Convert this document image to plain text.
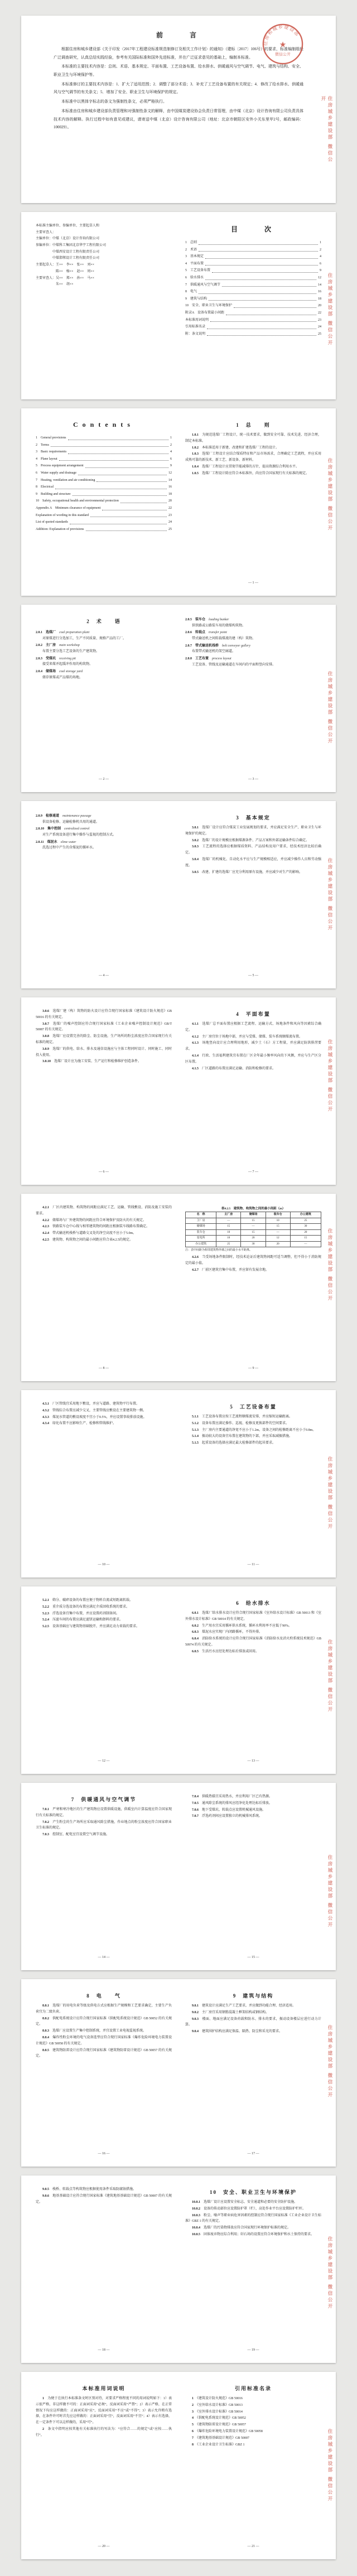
前　　言

根据住房和城乡建设部《关于印发〈2017年工程建设标准规范制修订及相关工作计划〉的通知》（建标〔2017〕106号）的要求，标准编制组经广泛调查研究，认真总结实践经验，参考有关国际标准和国外先进标准，并在广泛征求意见的基础上，编制本标准。

本标准的主要技术内容是：总则、术语、基本规定、平面布置、工艺设备布置、给水排水、供暖通风与空气调节、电气、建筑与结构、安全、职业卫生与环境保护等。

本标准修订的主要技术内容是：1．扩大了适用范围；2．调整了部分术语；3．补充了工艺设备布置的有关规定；4．修改了给水排水、供暖通风与空气调节的有关条文；5．增加了安全、职业卫生与环境保护的规定。

本标准中以黑体字标志的条文为强制性条文，必须严格执行。

本标准由住房和城乡建设部负责管理和对强制性条文的解释，由中国煤炭建设协会负责日常管理，由中煤（北京）设计咨询有限公司负责具体技术内容的解释。执行过程中如有意见或建议，请寄送中煤（北京）设计咨询有限公司（地址：北京市朝阳区安外小关东里甲2号，邮政编码：100029）。	住房城乡建设部 微信公开
住房和城乡建设部
★
微信公开

本标准主编单位、参编单位、主要起草人和

主要审查人：

主编单位：中煤（北京）设计咨询有限公司

参编单位：中煤科工集团北京华宇工程有限公司

　　　　　中煤西安设计工程有限责任公司

　　　　　中煤邯郸设计工程有限责任公司

主要起草人：王××　李××　张××　刘××

　　　　　　陈××　杨××　赵××　周××

主要审查人：吴××　郑××　孙××　马××

　　　　　　朱××　胡××

目　　次
1　总则	1
2　术语	2
3　基本规定	4
4　平面布置	6
5　工艺设备布置	9
6　给水排水	12
7　供暖通风与空气调节	14
8　电气	16
9　建筑与结构	18
10　安全、职业卫生与环境保护	20
附录A　设备布置最小间距	22
本标准用词说明	23
引用标准名录	24
附：条文说明	25 住房城乡建设部 微信公开
Contents
1　General provisions	1
2　Terms	2
3　Basic requirements	4
4　Plane layout	6
5　Process equipment arrangement	9
6　Water supply and drainage	12
7　Heating, ventilation and air conditioning	14
8　Electrical	16
9　Building and structure	18
10　Safety, occupational health and environmental protection	20
Appendix A　Minimum clearance of equipment	22
Explanation of wording in this standard	23
List of quoted standards	24
Addition: Explanation of provisions	25
1　总　　则

1.0.1　为规范选煤厂工程设计，统一技术要求，做到安全可靠、技术先进、经济合理，制定本标准。

1.0.2　本标准适用于新建、改建和扩建选煤厂工程的设计。

1.0.3　选煤厂工程设计应结合煤质特征和产品市场需求，合理确定工艺流程，并应采用成熟可靠的新技术、新工艺、新设备、新材料。

1.0.4　选煤厂工程设计应贯彻节能减排的方针，提高资源综合利用水平。

1.0.5　选煤厂工程设计除应符合本标准外，尚应符合国家现行有关标准的规定。

— 1 —
住房城乡建设部 微信公开
2　术　　语

2.0.1　选煤厂　coal preparation plant

对原煤进行分选加工，生产不同质量、规格产品的工厂。

2.0.2　主厂房　main workshop

布置主要分选工艺设备的生产建筑物。

2.0.3　受煤坑　receiving pit

接受来煤并起缓冲作用的构筑物。

2.0.4　储煤场　coal storage yard

储存原煤或产品煤的场地。

— 2 —

2.0.5　装车仓　loading bunker

供铁路或公路装车用的储煤构筑物。

2.0.6　转载点　transfer point

带式输送机之间转载煤流的建（构）筑物。

2.0.7　带式输送机栈桥　belt conveyor gallery

布置带式输送机的架空廊道。

2.0.8　工艺布置　process layout

工艺设备、管线及运输通道在车间内的平面和竖向安排。

— 3 —
住房城乡建设部 微信公开

2.0.9　检修通道　maintenance passage

供设备检修、运输检修机具用的通道。

2.0.10　集中控制　centralized control

对生产系统设备进行集中操作与监视的控制方式。

2.0.11　煤泥水　slime water

洗选过程中产生的含煤泥的循环水。

— 4 —
3　基本规定

3.0.1　选煤厂设计应符合煤炭工业发展规划的要求，并应满足安全生产、职业卫生与环境保护的规定。

3.0.2　选煤厂的设计规模应根据煤源条件、产品方案和外部运输条件综合确定。

3.0.3　工艺流程的选择应根据煤质资料、产品结构及用户要求，经技术经济比较后确定。

3.0.4　选煤厂的机械化、自动化水平应与生产规模相适应，并应减少操作人员和劳动强度。

3.0.5　改建、扩建的选煤厂应充分利用原有设施，并应减少对生产的影响。

— 5 —
住房城乡建设部 微信公开

3.0.6　选煤厂建（构）筑物的防火设计应符合现行国家标准《建筑设计防火规范》GB 50016 的有关规定。

3.0.7　选煤厂的噪声控制应符合现行国家标准《工业企业噪声控制设计规范》GB/T 50087 的有关规定。

3.0.8　选煤厂应设置完善的除尘、防尘设施，生产场所的粉尘浓度应符合国家现行有关标准的规定。

3.0.9　选煤厂的供电、给水、排水及通信设施应与主体工程同时设计、同时施工、同时投入使用。

3.0.10　选煤厂设计应为施工安装、生产运行和检修维护创造条件。

— 6 —
4　平面布置

4.1.1　选煤厂总平面布置应根据工艺流程、运输方式、场地条件和风向等因素综合确定。

4.1.2　主厂房宜位于场地中部，并应与受煤、储煤、装车系统顺煤流布置。

4.1.3　场地竖向设计应合理利用地形，减少土（石）方工程量，并应满足防洪排涝要求。

4.1.4　行政、生活福利建筑宜布置在厂区全年最小频率风向的下风侧，并应与生产区分区布置。

4.1.5　厂区道路的布置应满足运输、消防和检修的要求。

— 7 —
住房城乡建设部 微信公开

4.2.1　厂区内建筑物、构筑物的间距应满足工艺、运输、管线敷设、消防及施工安装的要求。

4.2.2　储煤场与厂外建筑物的间距应符合环境保护及防火的有关规定。

4.2.3　铁路装车仓中心线与相邻建筑物的间距应根据装车线路布置确定。

4.2.4　带式输送机栈桥与道路交叉处的净空高度不应小于5.0m。

4.2.5　建筑物、构筑物之间的最小间距应符合表4.2.5的规定。

— 8 —
表4.2.5　建筑物、构筑物之间的最小间距（m）
名　称	主厂房	储煤场	装车仓	办公建筑
主厂房	—	15	10	25
储煤场	15	—	15	30
装车仓	10	15	—	20
变电所	10	20	12	15
办公建筑	25	30	20	—
注：表中间距为相邻建筑物外墙之间的最小水平距离。

4.2.6　当受场地条件限制时，经技术论证后建筑物间距可适当调整，但不得小于消防规定的最小值。

4.2.7　厂前区建筑宜集中布置，并应留有发展余地。

— 9 —
住房城乡建设部 微信公开

4.3.1　厂区管线宜采用地下敷设，并应与道路、建筑物平行布置。

4.3.2　管线综合布置应减少交叉，主要管线应敷设在主要建筑物一侧。

4.3.3　煤泥水管道的敷设坡度不宜小于0.5%，并应设置事故排放设施。

4.3.4　绿化布置不应影响生产、检修和管线维护。

— 10 —
5　工艺设备布置

5.1.1　工艺设备布置应按工艺流程顺煤流安排，并应缩短运输距离。

5.1.2　设备布置应满足操作、巡视、检修及更换部件的空间要求。

5.1.3　主厂房内主要通道的净宽不应小于1.2m，设备之间的检修距离不应小于0.8m。

5.1.4　振动较大的设备宜布置在建筑物的下部，并应采取减振措施。

5.1.5　起重设备的选择应满足最大检修部件的起吊要求。

— 11 —
住房城乡建设部 微信公开

5.2.1　筛分、破碎设备的布置应便于物料自流或短距离转载。

5.2.2　重介质分选设备的布置应满足介质回收系统的要求。

5.2.3　浮选设备宜集中布置，并应设置药剂制备间。

5.2.4　压滤车间的布置应满足滤饼运输和卸料的要求。

5.2.5　设备基础应与建筑物基础脱开，并应满足动力荷载的要求。

— 12 —
6　给水排水

6.0.1　选煤厂给水排水设计应符合现行国家标准《室外给水设计标准》GB 50013 和《室外排水设计标准》GB 50014 的有关规定。

6.0.2　生产用水宜采用循环供水系统，循环水利用率不应低于90%。

6.0.3　煤泥水应实现厂内闭路循环，不得外排。

6.0.4　消防给水系统的设计应符合现行国家标准《消防给水及消火栓系统技术规范》GB 50974 的有关规定。

6.0.5　生活污水应经处理达标后排放或回用。

— 13 —
住房城乡建设部 微信公开
7　供暖通风与空气调节

7.0.1　严寒和寒冷地区的生产建筑物应设置供暖设施，供暖室内计算温度应符合国家现行有关标准的规定。

7.0.2　产生粉尘的生产场所应采取通风除尘措施，作业地点的粉尘浓度应符合国家职业卫生标准的规定。

7.0.3　控制室、配电室宜设置空气调节设施。

— 14 —

7.0.4　供暖热媒宜采用热水，并应利用厂区已有热源。

7.0.5　通风除尘系统的排风应经净化处理达标后排放。

7.0.6　地下受煤坑、转载点应设置机械通风设施。

7.0.7　浮选药剂间应设置独立的机械排风系统。

— 15 —
住房城乡建设部 微信公开
8　电　　气

8.0.1　选煤厂的用电负荷等级及供电方式应根据生产规模和工艺要求确定，主要生产负荷宜为二级负荷。

8.0.2　供配电系统设计应符合现行国家标准《供配电系统设计规范》GB 50052 的有关规定。

8.0.3　选煤厂应设置生产集中控制系统，并宜设置工业电视监视系统。

8.0.4　爆炸性粉尘环境的电气设备选型应符合现行国家标准《爆炸危险环境电力装置设计规范》GB 50058 的有关规定。

8.0.5　建筑物防雷设计应符合现行国家标准《建筑物防雷设计规范》GB 50057 的有关规定。

— 16 —
9　建筑与结构

9.0.1　建筑设计应满足生产工艺要求，并应做到功能合理、经济适用。

9.0.2　主厂房宜采用钢筋混凝土框架结构或钢结构。

9.0.3　楼面、地面应满足设备荷载和防水、排水的要求，振动设备楼层应进行动力计算。

9.0.4　建筑围护结构应满足保温、隔热、防尘和采光的要求。

— 17 —
住房城乡建设部 微信公开

9.0.5　栈桥、转载点等构筑物应根据使用条件采取防腐蚀措施。

9.0.6　地基基础设计应符合现行国家标准《建筑地基基础设计规范》GB 50007 的有关规定。

— 18 —
10　安全、职业卫生与环境保护

10.0.1　选煤厂设计应设置安全标志、安全通道和必要的安全防护设施。

10.0.2　设备的传动部位应设置防护罩（栏），高处作业平台应设置防护栏杆。

10.0.3　粉尘、噪声等职业病危害因素的控制应符合现行国家标准《工业企业设计卫生标准》GBZ 1 的有关规定。

10.0.4　选煤厂的污染物排放应符合国家现行环境保护标准的规定。

10.0.5　固体废弃物应综合利用；矸石场的设置应符合环境保护和水土保持的要求。

— 19 —
住房城乡建设部 微信公开
本标准用词说明

1　为便于在执行本标准条文时区别对待，对要求严格程度不同的用词说明如下：1）表示很严格，非这样做不可的：正面词采用“必须”，反面词采用“严禁”；2）表示严格，在正常情况下均应这样做的：正面词采用“应”，反面词采用“不应”或“不得”；3）表示允许稍有选择，在条件许可时首先应这样做的：正面词采用“宜”，反面词采用“不宜”；4）表示有选择，在一定条件下可以这样做的，采用“可”。

2　条文中指明应按其他有关标准执行的写法为：“应符合……的规定”或“应按……执行”。

— 20 —
引用标准名录

1　《建筑设计防火规范》GB 50016

2　《室外给水设计标准》GB 50013

3　《室外排水设计标准》GB 50014

4　《供配电系统设计规范》GB 50052

5　《建筑物防雷设计规范》GB 50057

6　《爆炸危险环境电力装置设计规范》GB 50058

7　《建筑地基基础设计规范》GB 50007

8　《工业企业设计卫生标准》GBZ 1

— 21 —
住房城乡建设部 微信公开
